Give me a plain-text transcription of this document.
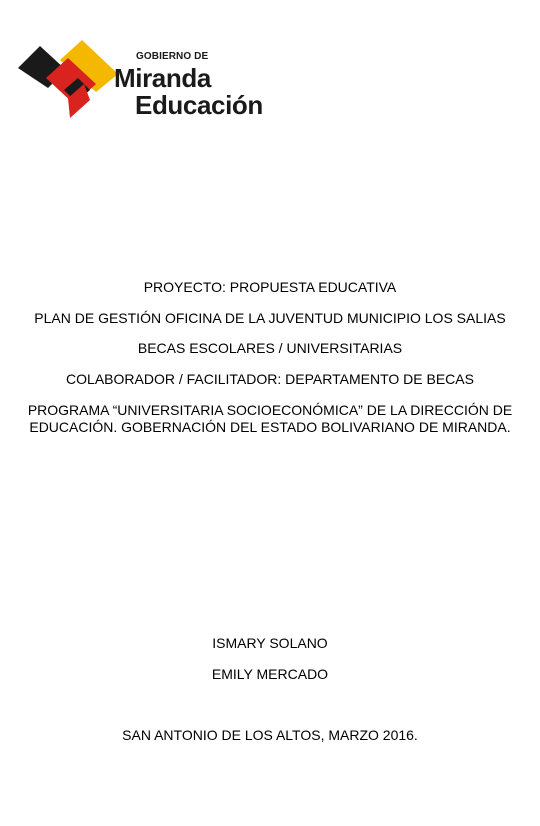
GOBIERNO DE
Miranda
Educación
PROYECTO: PROPUESTA EDUCATIVA
PLAN DE GESTIÓN OFICINA DE LA JUVENTUD MUNICIPIO LOS SALIAS
BECAS ESCOLARES / UNIVERSITARIAS
COLABORADOR / FACILITADOR: DEPARTAMENTO DE BECAS
PROGRAMA “UNIVERSITARIA SOCIOECONÓMICA” DE LA DIRECCIÓN DE EDUCACIÓN. GOBERNACIÓN DEL ESTADO BOLIVARIANO DE MIRANDA.
ISMARY SOLANO
EMILY MERCADO
SAN ANTONIO DE LOS ALTOS, MARZO 2016.
